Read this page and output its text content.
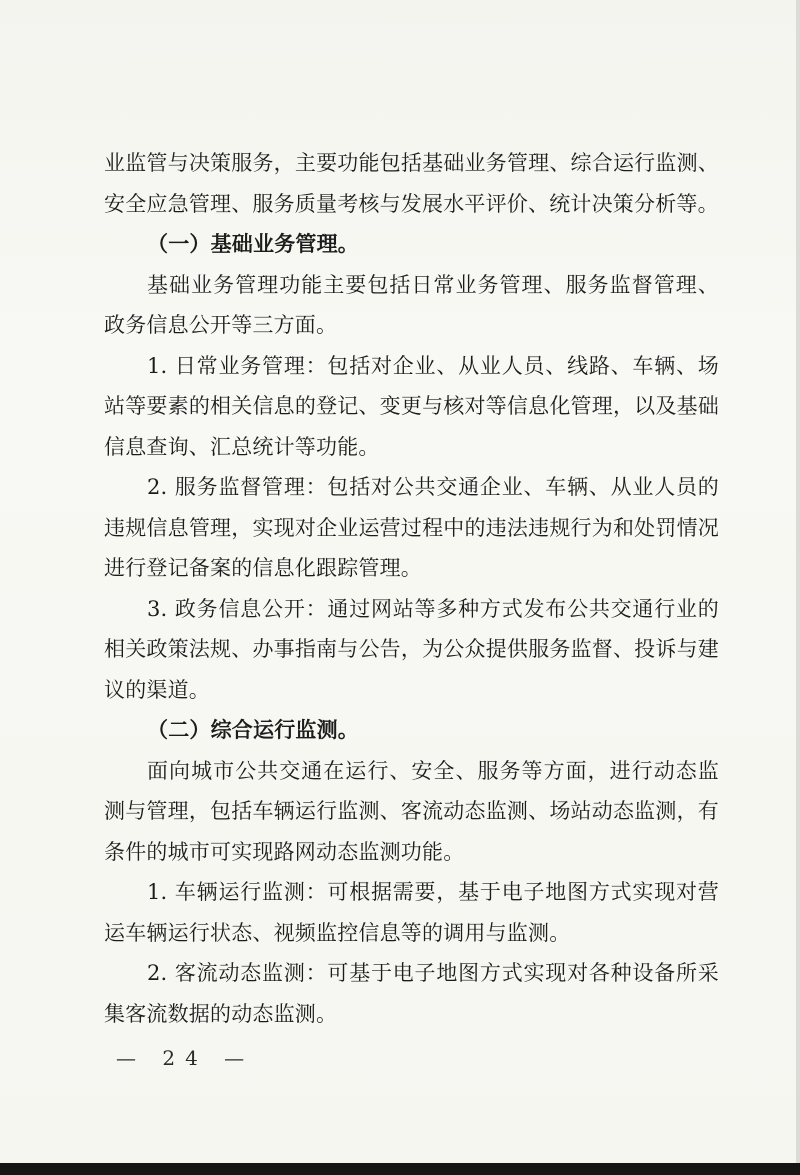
业监管与决策服务，主要功能包括基础业务管理、综合运行监测、安全应急管理、服务质量考核与发展水平评价、统计决策分析等。

（一）基础业务管理。

基础业务管理功能主要包括日常业务管理、服务监督管理、政务信息公开等三方面。

1. 日常业务管理：包括对企业、从业人员、线路、车辆、场站等要素的相关信息的登记、变更与核对等信息化管理，以及基础信息查询、汇总统计等功能。

2. 服务监督管理：包括对公共交通企业、车辆、从业人员的违规信息管理，实现对企业运营过程中的违法违规行为和处罚情况进行登记备案的信息化跟踪管理。

3. 政务信息公开：通过网站等多种方式发布公共交通行业的相关政策法规、办事指南与公告，为公众提供服务监督、投诉与建议的渠道。

（二）综合运行监测。

面向城市公共交通在运行、安全、服务等方面，进行动态监测与管理，包括车辆运行监测、客流动态监测、场站动态监测，有条件的城市可实现路网动态监测功能。

1. 车辆运行监测：可根据需要，基于电子地图方式实现对营运车辆运行状态、视频监控信息等的调用与监测。

2. 客流动态监测：可基于电子地图方式实现对各种设备所采集客流数据的动态监测。

— 24 —
